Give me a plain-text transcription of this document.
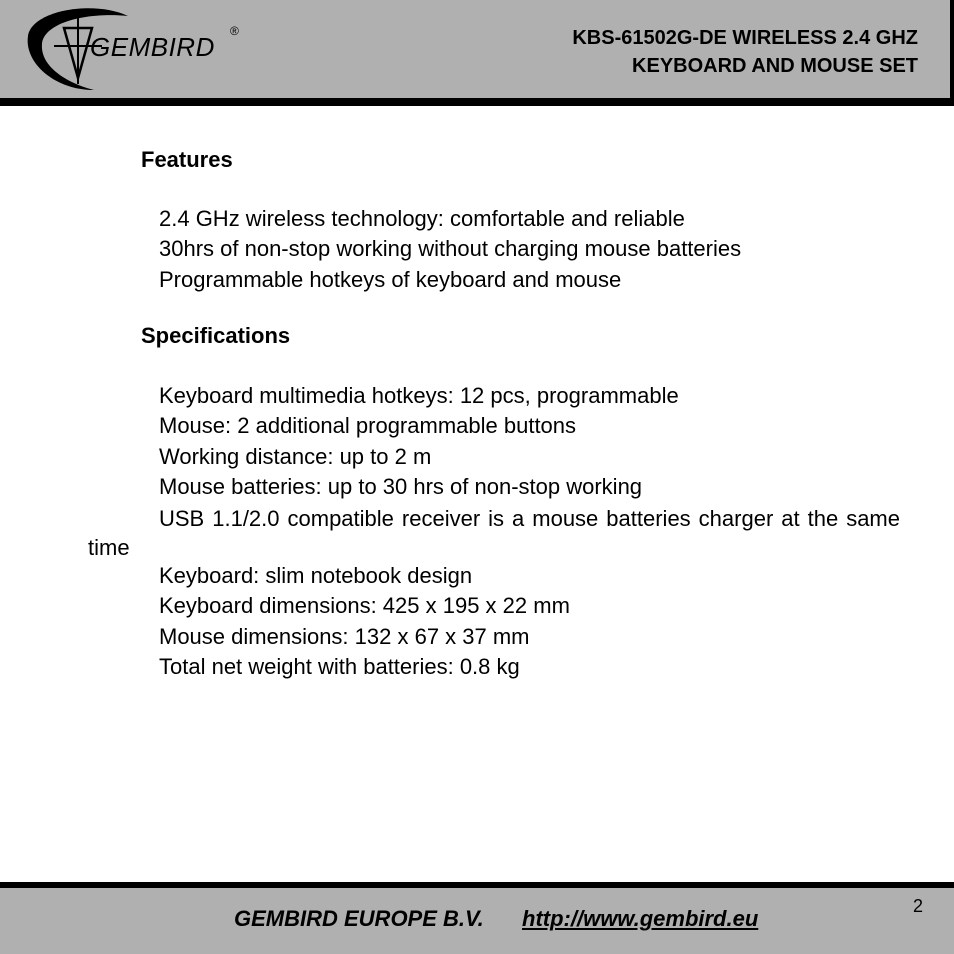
GEMBIRD
®	KBS-61502G-DE WIRELESS 2.4 GHZ
KEYBOARD AND MOUSE SET
Features
2.4 GHz wireless technology: comfortable and reliable
30hrs of non-stop working without charging mouse batteries
Programmable hotkeys of keyboard and mouse
Specifications
Keyboard multimedia hotkeys: 12 pcs, programmable
Mouse: 2 additional programmable buttons
Working distance: up to 2 m
Mouse batteries: up to 30 hrs of non-stop working
USB 1.1/2.0 compatible receiver is a mouse batteries charger at the same time
Keyboard: slim notebook design
Keyboard dimensions: 425 x 195 x 22 mm
Mouse dimensions: 132 x 67 x 37 mm
Total net weight with batteries: 0.8 kg
GEMBIRD EUROPE B.V. http://www.gembird.eu	2
